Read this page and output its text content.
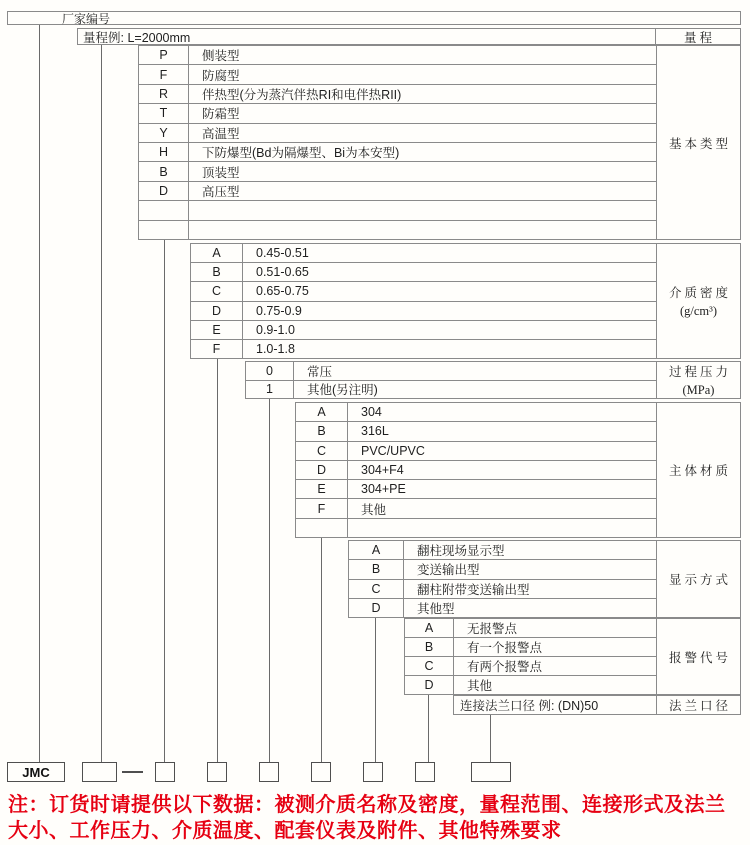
厂家编号
量程例: L=2000mm	量程
P	侧装型
F	防腐型
R	伴热型(分为蒸汽伴热RI和电伴热RII)
T	防霜型
Y	高温型
H	下防爆型(Bd为隔爆型、Bi为本安型)
B	顶装型
D	高压型
基本类型
A	0.45-0.51
B	0.51-0.65
C	0.65-0.75
D	0.75-0.9
E	0.9-1.0
F	1.0-1.8
介质密度
(g/cm³)
0	常压
1	其他(另注明)
过程压力
(MPa)
A	304
B	316L
C	PVC/UPVC
D	304+F4
E	304+PE
F	其他
主体材质
A	翻柱现场显示型
B	变送输出型
C	翻柱附带变送输出型
D	其他型
显示方式
A	无报警点
B	有一个报警点
C	有两个报警点
D	其他
报警代号
连接法兰口径 例: (DN)50	法兰口径
JMC
注：订货时请提供以下数据：被测介质名称及密度，量程范围、连接形式及法兰
大小、工作压力、介质温度、配套仪表及附件、其他特殊要求
